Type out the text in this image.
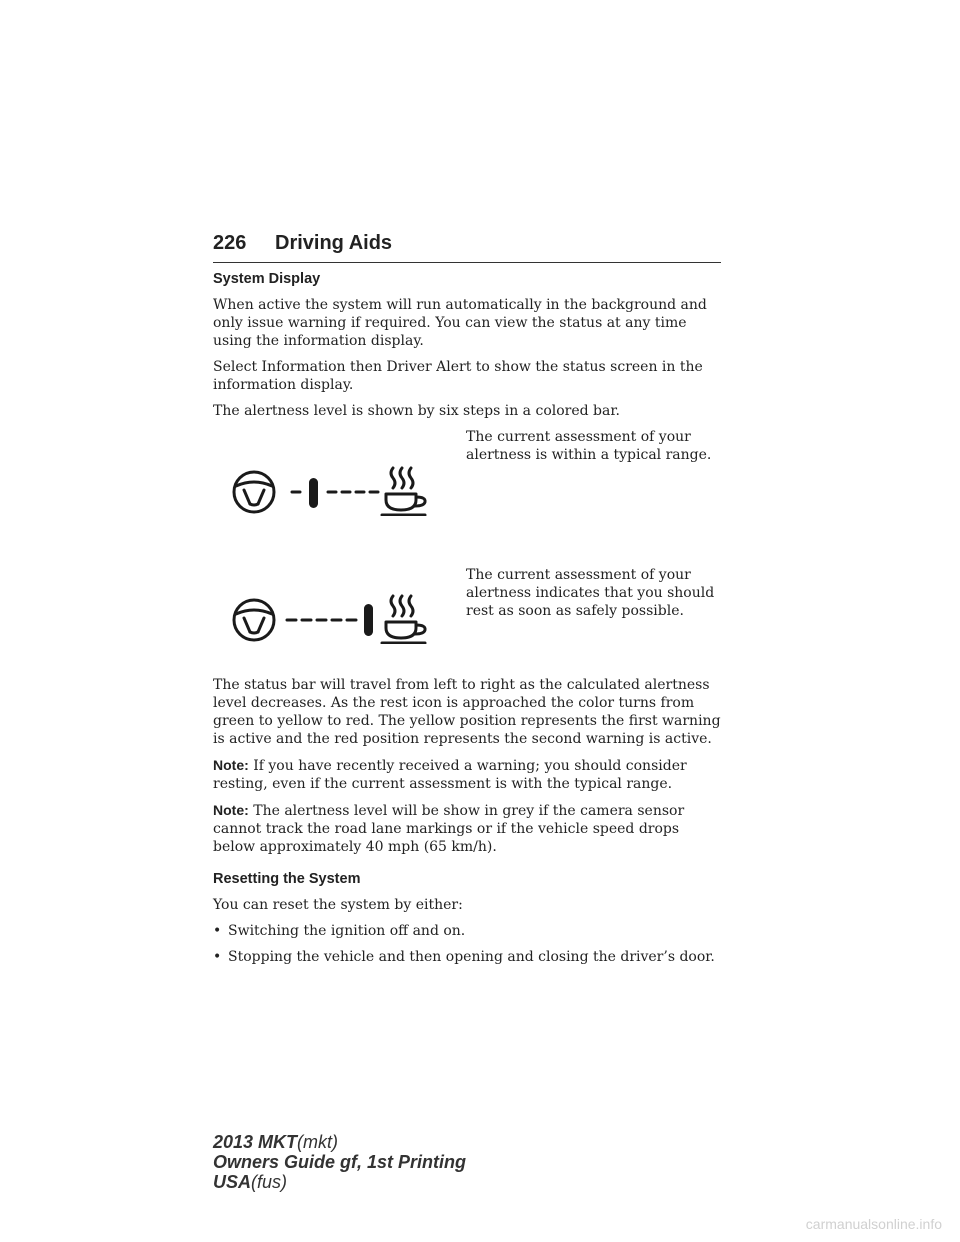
226 Driving Aids
System Display

When active the system will run automatically in the background and only issue warning if required. You can view the status at any time using the information display.

Select Information then Driver Alert to show the status screen in the information display.

The alertness level is shown by six steps in a colored bar.

The current assessment of your alertness is within a typical range.
The current assessment of your alertness indicates that you should rest as soon as safely possible.

The status bar will travel from left to right as the calculated alertness level decreases. As the rest icon is approached the color turns from green to yellow to red. The yellow position represents the first warning is active and the red position represents the second warning is active.

Note: If you have recently received a warning; you should consider resting, even if the current assessment is with the typical range.

Note: The alertness level will be show in grey if the camera sensor cannot track the road lane markings or if the vehicle speed drops below approximately 40 mph (65 km/h).

Resetting the System

You can reset the system by either:

• Switching the ignition off and on.
• Stopping the vehicle and then opening and closing the driver’s door.
2013 MKT(mkt)
Owners Guide gf, 1st Printing
USA(fus)
carmanualsonline.info
